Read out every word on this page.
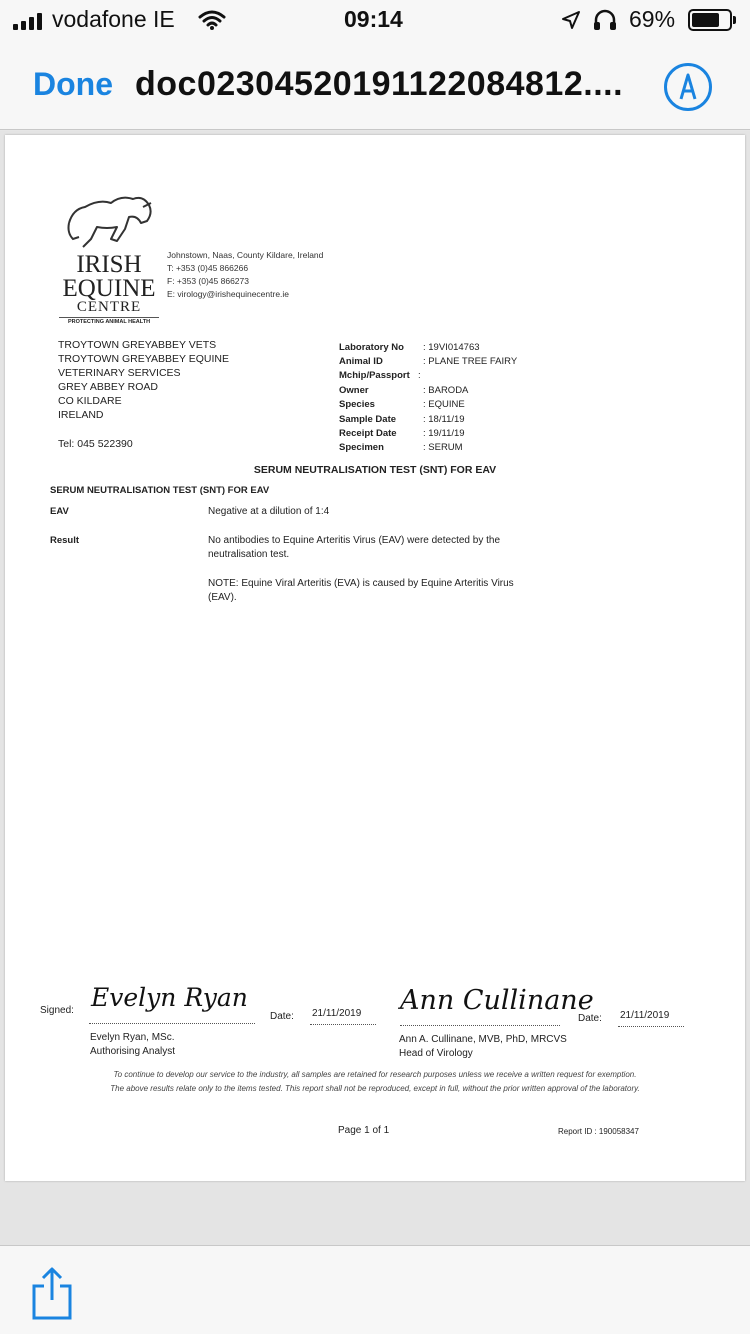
vodafone IE	09:14	69%
Done doc023045201911220848​12....
IRISH
EQUINE
CENTRE
PROTECTING ANIMAL HEALTH
Johnstown, Naas, County Kildare, Ireland
T: +353 (0)45 866266
F: +353 (0)45 866273
E: virology@irishequinecentre.ie
TROYTOWN GREYABBEY VETS
TROYTOWN GREYABBEY EQUINE
VETERINARY SERVICES
GREY ABBEY ROAD
CO KILDARE
IRELAND
Tel: 045 522390
Laboratory No : 19VI014763
Animal ID	: PLANE TREE FAIRY
Mchip/Passport :
Owner	: BARODA
Species	: EQUINE
Sample Date	: 18/11/19
Receipt Date	: 19/11/19
Specimen	: SERUM
SERUM NEUTRALISATION TEST (SNT) FOR EAV
SERUM NEUTRALISATION TEST (SNT) FOR EAV
EAV	Negative at a dilution of 1:4
Result	No antibodies to Equine Arteritis Virus (EAV) were detected by the
neutralisation test.
NOTE: Equine Viral Arteritis (EVA) is caused by Equine Arteritis Virus
(EAV).
Signed: Evelyn Ryan
Date: 21/11/2019 Ann Cullinane
Date: 21/11/2019
Evelyn Ryan, MSc.
Authorising Analyst
Ann A. Cullinane, MVB, PhD, MRCVS
Head of Virology
To continue to develop our service to the industry, all samples are retained for research purposes unless we receive a written request for exemption.
The above results relate only to the items tested. This report shall not be reproduced, except in full, without the prior written approval of the laboratory.
Page 1 of 1	Report ID : 190058347
